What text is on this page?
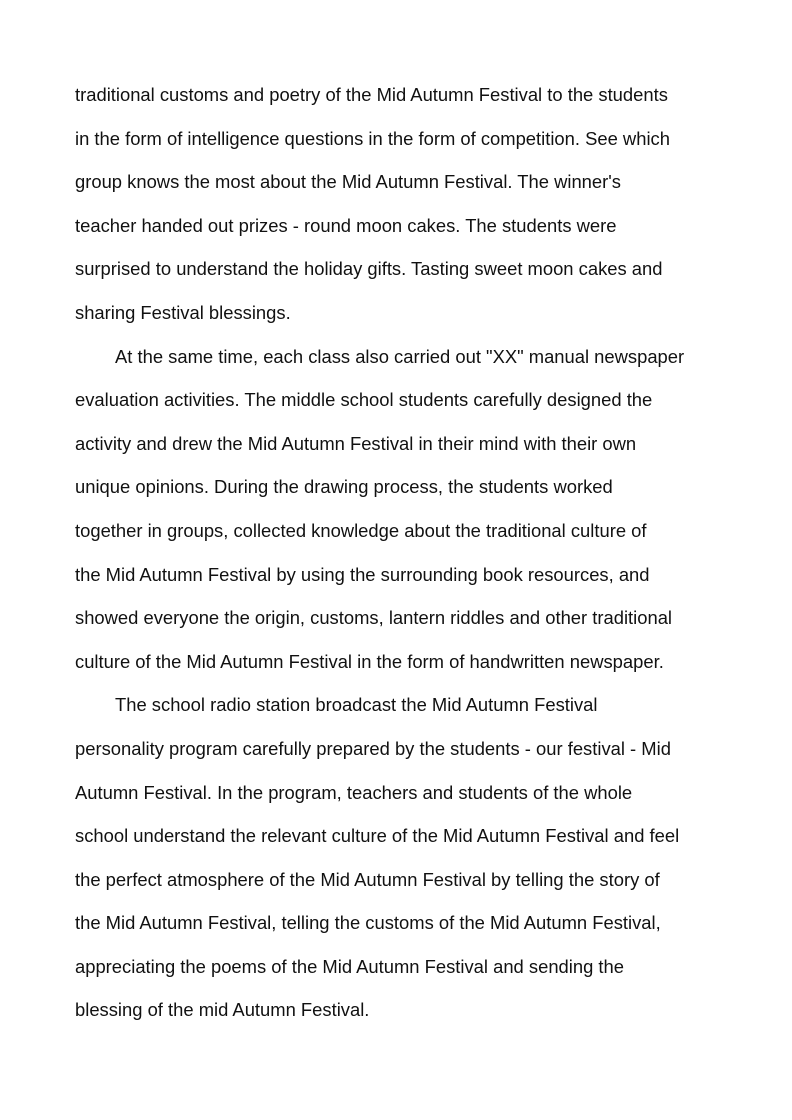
traditional customs and poetry of the Mid Autumn Festival to the students
in the form of intelligence questions in the form of competition. See which
group knows the most about the Mid Autumn Festival. The winner's
teacher handed out prizes - round moon cakes. The students were
surprised to understand the holiday gifts. Tasting sweet moon cakes and
sharing Festival blessings.

At the same time, each class also carried out "XX" manual newspaper
evaluation activities. The middle school students carefully designed the
activity and drew the Mid Autumn Festival in their mind with their own
unique opinions. During the drawing process, the students worked
together in groups, collected knowledge about the traditional culture of
the Mid Autumn Festival by using the surrounding book resources, and
showed everyone the origin, customs, lantern riddles and other traditional
culture of the Mid Autumn Festival in the form of handwritten newspaper.

The school radio station broadcast the Mid Autumn Festival
personality program carefully prepared by the students - our festival - Mid
Autumn Festival. In the program, teachers and students of the whole
school understand the relevant culture of the Mid Autumn Festival and feel
the perfect atmosphere of the Mid Autumn Festival by telling the story of
the Mid Autumn Festival, telling the customs of the Mid Autumn Festival,
appreciating the poems of the Mid Autumn Festival and sending the
blessing of the mid Autumn Festival.
